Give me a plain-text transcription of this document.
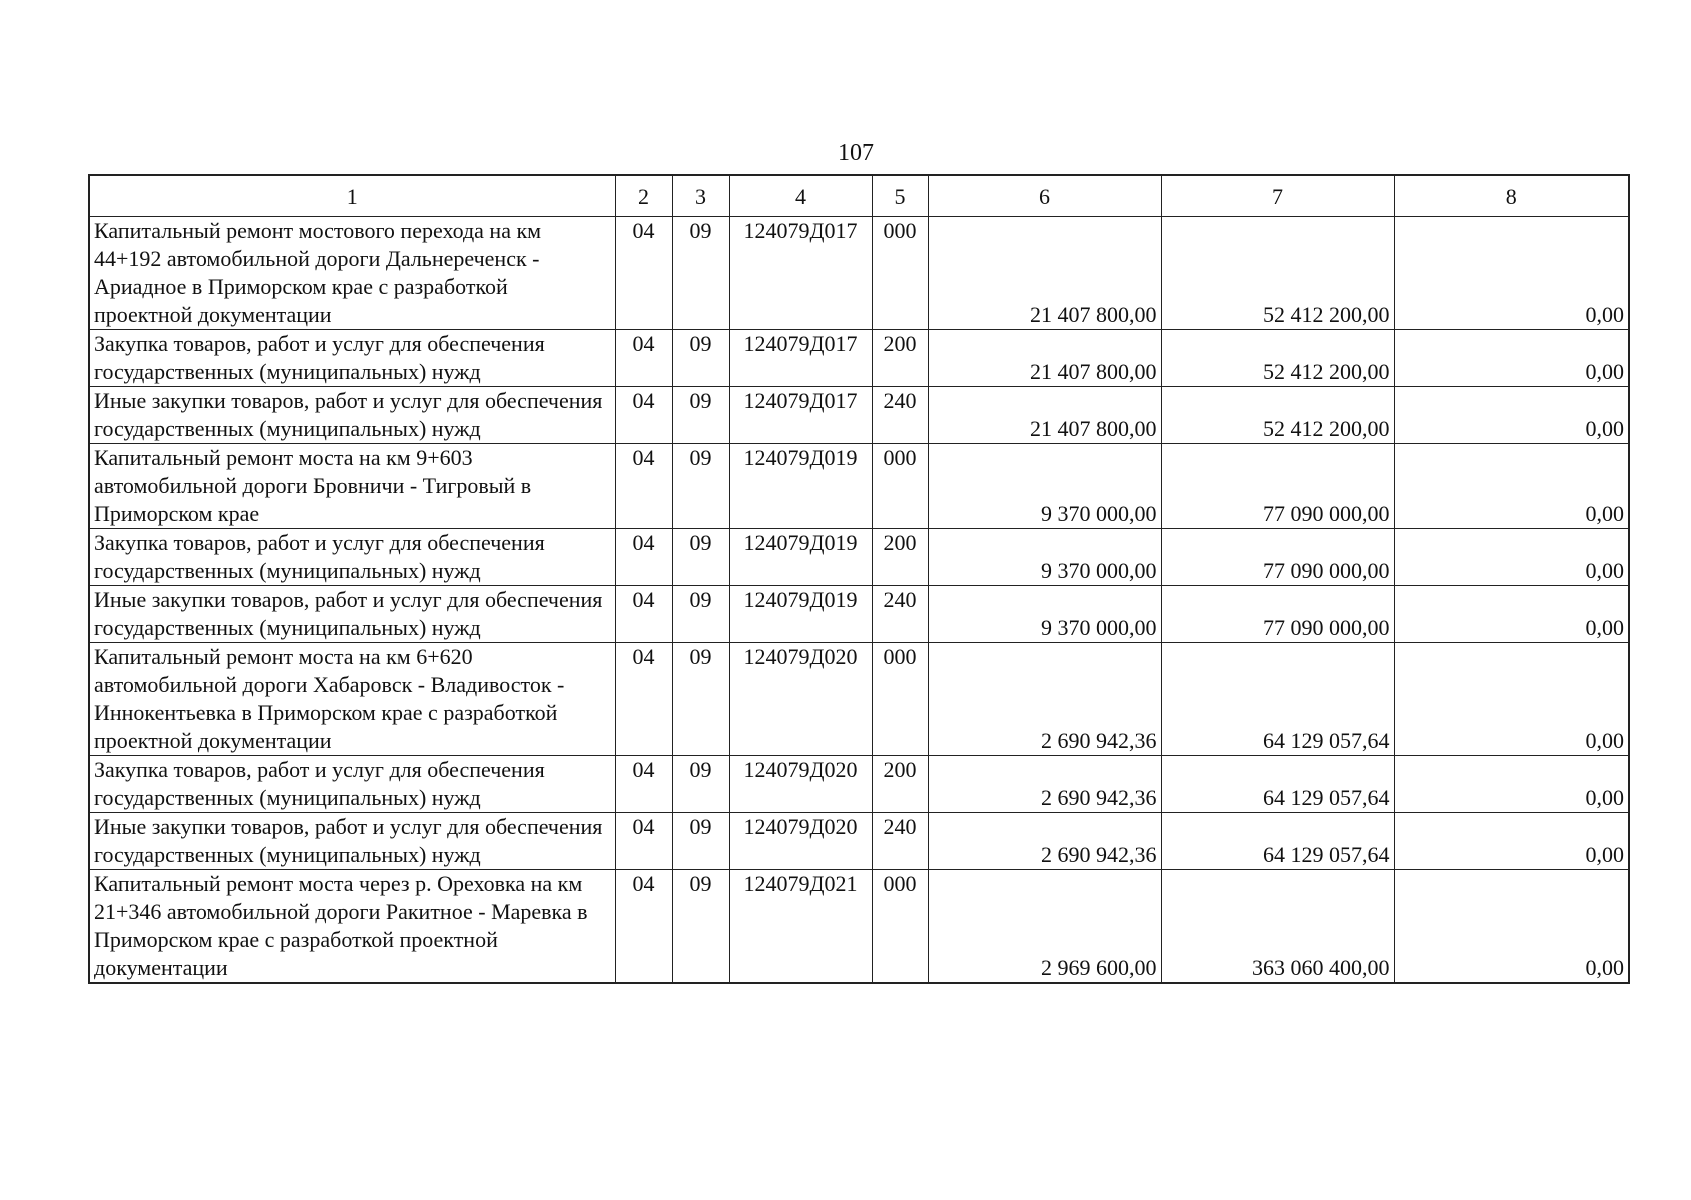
107
1	2	3	4	5	6	7	8
Капитальный ремонт мостового перехода на км 44+192 автомобильной дороги Дальнереченск - Ариадное в Приморском крае с разработкой проектной документации	04	09	124079Д017	000	21 407 800,00	52 412 200,00	0,00
Закупка товаров, работ и услуг для обеспечения государственных (муниципальных) нужд	04	09	124079Д017	200	21 407 800,00	52 412 200,00	0,00
Иные закупки товаров, работ и услуг для обеспечения государственных (муниципальных) нужд	04	09	124079Д017	240	21 407 800,00	52 412 200,00	0,00
Капитальный ремонт моста на км 9+603 автомобильной дороги Бровничи - Тигровый в Приморском крае	04	09	124079Д019	000	9 370 000,00	77 090 000,00	0,00
Закупка товаров, работ и услуг для обеспечения государственных (муниципальных) нужд	04	09	124079Д019	200	9 370 000,00	77 090 000,00	0,00
Иные закупки товаров, работ и услуг для обеспечения государственных (муниципальных) нужд	04	09	124079Д019	240	9 370 000,00	77 090 000,00	0,00
Капитальный ремонт моста на км 6+620 автомобильной дороги Хабаровск - Владивосток - Иннокентьевка в Приморском крае с разработкой проектной документации	04	09	124079Д020	000	2 690 942,36	64 129 057,64	0,00
Закупка товаров, работ и услуг для обеспечения государственных (муниципальных) нужд	04	09	124079Д020	200	2 690 942,36	64 129 057,64	0,00
Иные закупки товаров, работ и услуг для обеспечения государственных (муниципальных) нужд	04	09	124079Д020	240	2 690 942,36	64 129 057,64	0,00
Капитальный ремонт моста через р. Ореховка на км 21+346 автомобильной дороги Ракитное - Маревка в Приморском крае с разработкой проектной документации	04	09	124079Д021	000	2 969 600,00	363 060 400,00	0,00
